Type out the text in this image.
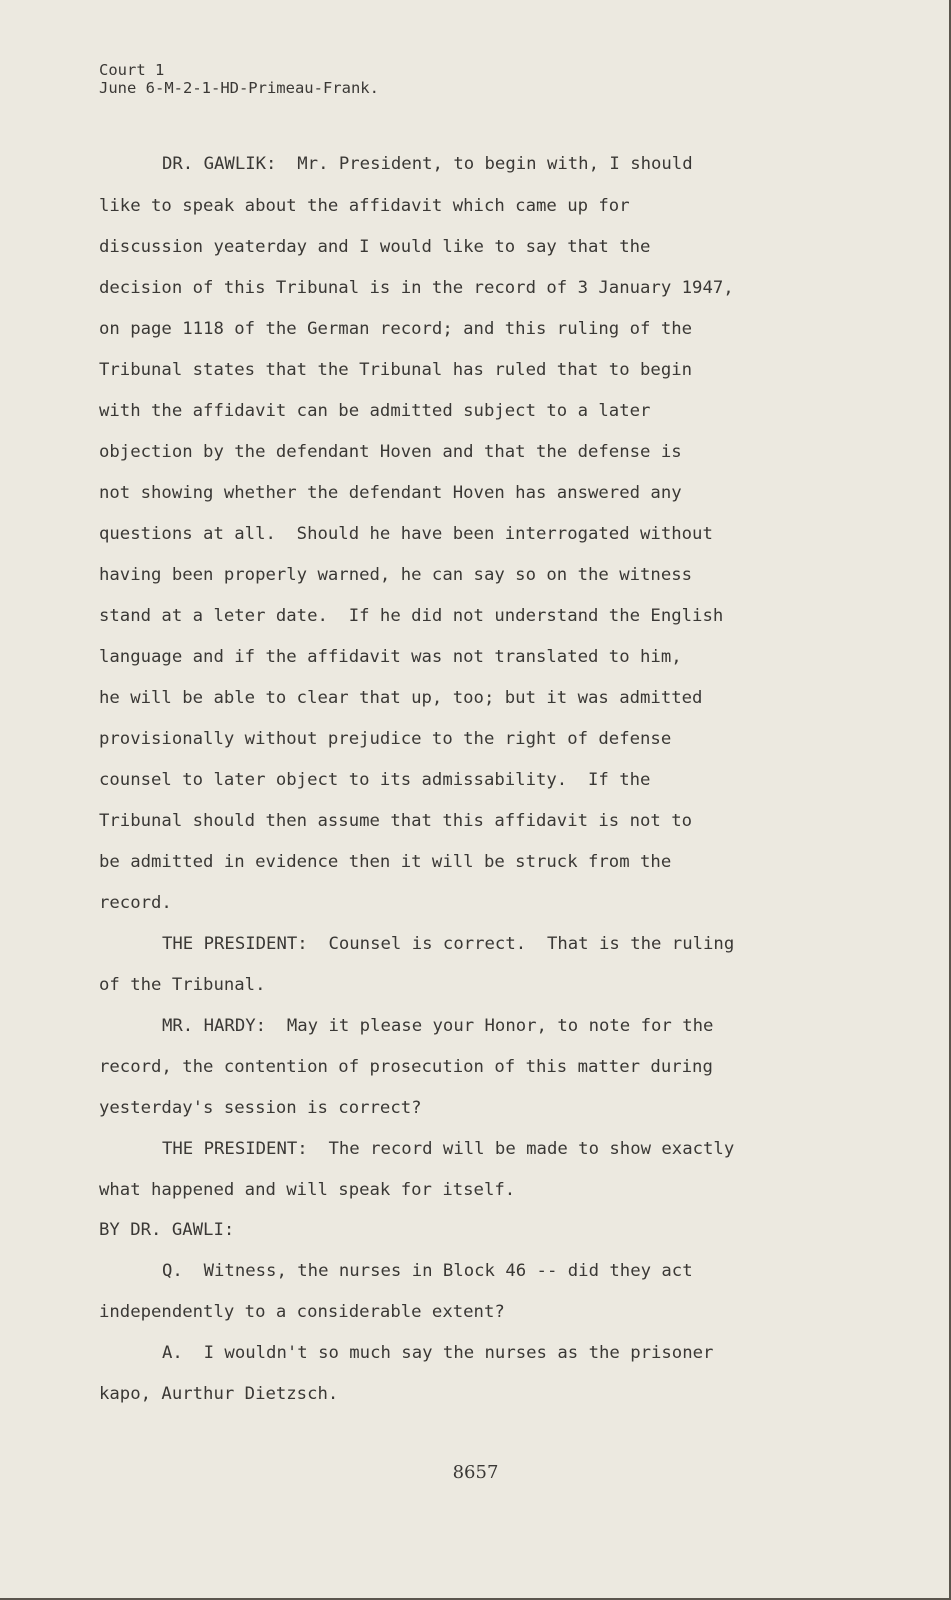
Court 1
June 6-M-2-1-HD-Primeau-Frank.
DR. GAWLIK:  Mr. President, to begin with, I should
like to speak about the affidavit which came up for
discussion yeaterday and I would like to say that the
decision of this Tribunal is in the record of 3 January 1947,
on page 1118 of the German record; and this ruling of the
Tribunal states that the Tribunal has ruled that to begin
with the affidavit can be admitted subject to a later
objection by the defendant Hoven and that the defense is
not showing whether the defendant Hoven has answered any
questions at all.  Should he have been interrogated without
having been properly warned, he can say so on the witness
stand at a leter date.  If he did not understand the English
language and if the affidavit was not translated to him,
he will be able to clear that up, too; but it was admitted
provisionally without prejudice to the right of defense
counsel to later object to its admissability.  If the
Tribunal should then assume that this affidavit is not to
be admitted in evidence then it will be struck from the
record.
THE PRESIDENT:  Counsel is correct.  That is the ruling
of the Tribunal.
MR. HARDY:  May it please your Honor, to note for the
record, the contention of prosecution of this matter during
yesterday's session is correct?
THE PRESIDENT:  The record will be made to show exactly
what happened and will speak for itself.
BY DR. GAWLI:
Q.  Witness, the nurses in Block 46 -- did they act
independently to a considerable extent?
A.  I wouldn't so much say the nurses as the prisoner
kapo, Aurthur Dietzsch.
8657
